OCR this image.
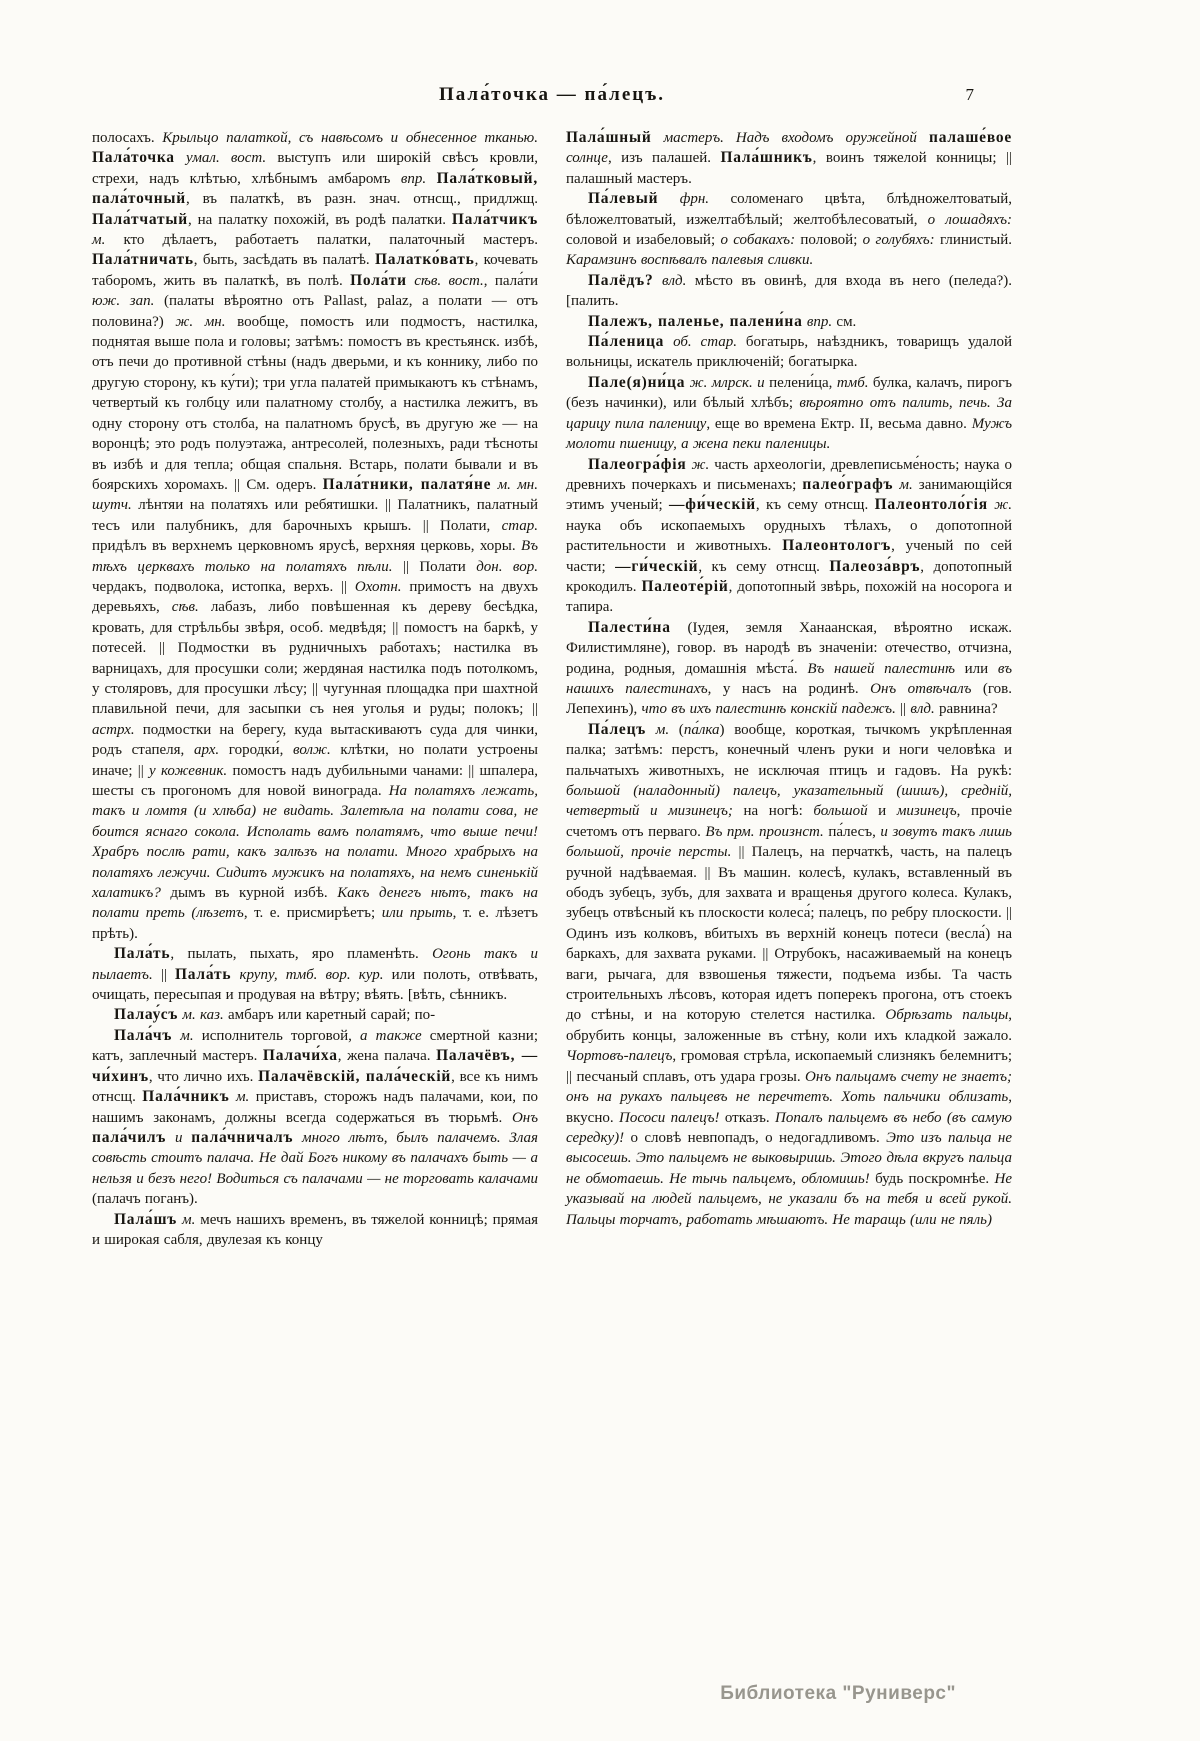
Пала́точка — па́лецъ.	7

полосахъ. Крыльцо палаткой, съ навѣсомъ и обнесенное тканью. Пала́точка умал. вост. выступъ или широкій свѣсъ кровли, стрехи, надъ клѣтью, хлѣбнымъ амбаромъ впр. Пала́тковый, пала́точный, въ палаткѣ, въ разн. знач. отнсщ., придлжщ. Пала́тчатый, на палатку похожій, въ родѣ палатки. Пала́тчикъ м. кто дѣлаетъ, работаетъ палатки, палаточный мастеръ. Пала́тничать, быть, засѣдать въ палатѣ. Палатко́вать, кочевать таборомъ, жить въ палаткѣ, въ полѣ. Пола́ти сѣв. вост., пала́ти юж. зап. (палаты вѣроятно отъ Pallast, palaz, а полати — отъ половина?) ж. мн. вообще, помостъ или подмостъ, настилка, поднятая выше пола и головы; затѣмъ: помостъ въ крестьянск. избѣ, отъ печи до противной стѣны (надъ дверьми, и къ коннику, либо по другую сторону, къ ку́ти); три угла палатей примыкаютъ къ стѣнамъ, четвертый къ голбцу или палатному столбу, а настилка лежитъ, въ одну сторону отъ столба, на палатномъ брусѣ, въ другую же — на воронцѣ; это родъ полуэтажа, антресолей, полезныхъ, ради тѣсноты въ избѣ и для тепла; общая спальня. Встарь, полати бывали и въ боярскихъ хоромахъ. || См. одеръ. Пала́тники, палатя́не м. мн. шутч. лѣнтяи на полатяхъ или ребятишки. || Палатникъ, палатный тесъ или палубникъ, для барочныхъ крышъ. || Полати, стар. придѣлъ въ верхнемъ церковномъ ярусѣ, верхняя церковь, хоры. Въ тѣхъ церквахъ только на полатяхъ пѣли. || Полати дон. вор. чердакъ, подволока, истопка, верхъ. || Охотн. примостъ на двухъ деревьяхъ, сѣв. лабазъ, либо повѣшенная къ дереву бесѣдка, кровать, для стрѣльбы звѣря, особ. медвѣдя; || помостъ на баркѣ, у потесей. || Подмостки въ рудничныхъ работахъ; настилка въ варницахъ, для просушки соли; жердяная настилка подъ потолкомъ, у столяровъ, для просушки лѣсу; || чугунная площадка при шахтной плавильной печи, для засыпки съ нея уголья и руды; полокъ; || астрх. подмостки на берегу, куда вытаскиваютъ суда для чинки, родъ стапеля, арх. городки́, волж. клѣтки, но полати устроены иначе; || у кожевник. помостъ надъ дубильными чанами: || шпалера, шесты съ прогономъ для новой винограда. На полатяхъ лежать, такъ и ломтя (и хлѣба) не видать. Залетѣла на полати сова, не боится яснаго сокола. Исполать вамъ полатямъ, что выше печи! Храбръ послѣ рати, какъ залѣзъ на полати. Много храбрыхъ на полатяхъ лежучи. Сидитъ мужикъ на полатяхъ, на немъ синенькій халатикъ? дымъ въ курной избѣ. Какъ денегъ нѣтъ, такъ на полати преть (лѣзетъ, т. е. присмирѣетъ; или прыть, т. е. лѣзетъ прѣть).

Пала́ть, пылать, пыхать, яро пламенѣть. Огонь такъ и пылаетъ. || Пала́ть крупу, тмб. вор. кур. или полоть, отвѣвать, очищать, пересыпая и продувая на вѣтру; вѣять. [вѣть, сѣнникъ.

Палау́съ м. каз. амбаръ или каретный сарай; по-

Пала́чъ м. исполнитель торговой, а также смертной казни; катъ, заплечный мастеръ. Палачи́ха, жена палача. Палачёвъ, —чи́хинъ, что лично ихъ. Палачёвскій, пала́ческій, все къ нимъ отнсщ. Пала́чникъ м. приставъ, сторожъ надъ палачами, кои, по нашимъ законамъ, должны всегда содержаться въ тюрьмѣ. Онъ пала́чилъ и пала́чничалъ много лѣтъ, былъ палачемъ. Злая совѣсть стоитъ палача. Не дай Богъ никому въ палачахъ быть — а нельзя и безъ него! Водиться съ палачами — не торговать калачами (палачъ поганъ).

Пала́шъ м. мечъ нашихъ временъ, въ тяжелой конницѣ; прямая и широкая сабля, двулезая къ концу

Пала́шный мастеръ. Надъ входомъ оружейной палаше́вое солнце, изъ палашей. Пала́шникъ, воинъ тяжелой конницы; || палашный мастеръ.

Па́левый фрн. соломенаго цвѣта, блѣдножелтоватый, бѣложелтоватый, изжелтабѣлый; желтобѣлесоватый, о лошадяхъ: соловой и изабеловый; о собакахъ: половой; о голубяхъ: глинистый. Карамзинъ воспѣвалъ палевыя сливки.

Палёдъ? влд. мѣсто въ овинѣ, для входа въ него (пеледа?). [палить.

Палежъ, паленье, палени́на впр. см.

Па́леница об. стар. богатырь, наѣздникъ, товарищъ удалой вольницы, искатель приключеній; богатырка.

Пале(я)ни́ца ж. млрск. и пелени́ца, тмб. булка, калачъ, пирогъ (безъ начинки), или бѣлый хлѣбъ; вѣроятно отъ палить, печь. За царицу пила паленицу, еще во времена Ектр. II, весьма давно. Мужъ молоти пшеницу, а жена пеки паленицы.

Палеогра́фія ж. часть археологіи, древлеписьме́ность; наука о древнихъ почеркахъ и письменахъ; палео́графъ м. занимающійся этимъ ученый; —фи́ческій, къ сему отнсщ. Палеонтоло́гія ж. наука объ ископаемыхъ орудныхъ тѣлахъ, о допотопной растительности и животныхъ. Палеонтологъ, ученый по сей части; —ги́ческій, къ сему отнсщ. Палеоза́връ, допотопный крокодилъ. Палеоте́рій, допотопный звѣрь, похожій на носорога и тапира.

Палести́на (Іудея, земля Ханаанская, вѣроятно искаж. Филистимляне), говор. въ народѣ въ значеніи: отечество, отчизна, родина, родныя, домашнія мѣста́. Въ нашей палестинѣ или въ нашихъ палестинахъ, у насъ на родинѣ. Онъ отвѣчалъ (гов. Лепехинъ), что въ ихъ палестинѣ конскій падежъ. || влд. равнина?

Па́лецъ м. (па́лка) вообще, короткая, тычкомъ укрѣпленная палка; затѣмъ: перстъ, конечный членъ руки и ноги человѣка и пальчатыхъ животныхъ, не исключая птицъ и гадовъ. На рукѣ: большой (наладонный) палецъ, указательный (шишъ), средній, четвертый и мизинецъ; на ногѣ: большой и мизинецъ, прочіе счетомъ отъ перваго. Въ прм. произнст. па́лесъ, и зовутъ такъ лишь большой, прочіе персты. || Палецъ, на перчаткѣ, часть, на палецъ ручной надѣваемая. || Въ машин. колесѣ, кулакъ, вставленный въ ободъ зубецъ, зубъ, для захвата и вращенья другого колеса. Кулакъ, зубецъ отвѣсный къ плоскости колеса́; палецъ, по ребру плоскости. || Одинъ изъ колковъ, вбитыхъ въ верхній конецъ потеси (весла́) на баркахъ, для захвата руками. || Отрубокъ, насаживаемый на конецъ ваги, рычага, для взвошенья тяжести, подъема избы. Та часть строительныхъ лѣсовъ, которая идетъ поперекъ прогона, отъ стоекъ до стѣны, и на которую стелется настилка. Обрѣзать пальцы, обрубить концы, заложенные въ стѣну, коли ихъ кладкой зажало. Чортовъ-палецъ, громовая стрѣла, ископаемый слизнякъ белемнитъ; || песчаный сплавъ, отъ удара грозы. Онъ пальцамъ счету не знаетъ; онъ на рукахъ пальцевъ не перечтетъ. Хоть пальчики облизать, вкусно. Пососи палецъ! отказъ. Попалъ пальцемъ въ небо (въ самую середку)! о словѣ невпопадъ, о недогадливомъ. Это изъ пальца не высосешь. Это пальцемъ не выковыришь. Этого дѣла вкругъ пальца не обмотаешь. Не тычь пальцемъ, обломишь! будь поскромнѣе. Не указывай на людей пальцемъ, не указали бъ на тебя и всей рукой. Пальцы торчатъ, работать мѣшаютъ. Не таращь (или не пяль)

Библиотека "Руниверс"
